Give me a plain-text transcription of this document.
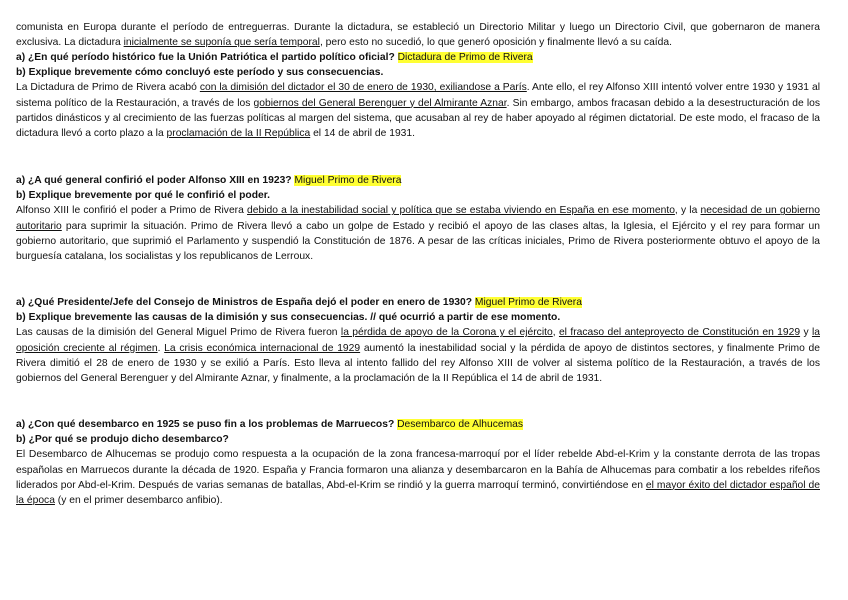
comunista en Europa durante el período de entreguerras. Durante la dictadura, se estableció un Directorio Militar y luego un Directorio Civil, que gobernaron de manera exclusiva. La dictadura inicialmente se suponía que sería temporal, pero esto no sucedió, lo que generó oposición y finalmente llevó a su caída.

a) ¿En qué período histórico fue la Unión Patriótica el partido político oficial? Dictadura de Primo de Rivera

b) Explique brevemente cómo concluyó este período y sus consecuencias.

La Dictadura de Primo de Rivera acabó con la dimisión del dictador el 30 de enero de 1930, exiliandose a París. Ante ello, el rey Alfonso XIII intentó volver entre 1930 y 1931 al sistema político de la Restauración, a través de los gobiernos del General Berenguer y del Almirante Aznar. Sin embargo, ambos fracasan debido a la desestructuración de los partidos dinásticos y al crecimiento de las fuerzas políticas al margen del sistema, que acusaban al rey de haber apoyado al régimen dictatorial. De este modo, el fracaso de la dictadura llevó a corto plazo a la proclamación de la II República el 14 de abril de 1931.

a) ¿A qué general confirió el poder Alfonso XIII en 1923? Miguel Primo de Rivera

b) Explique brevemente por qué le confirió el poder.

Alfonso XIII le confirió el poder a Primo de Rivera debido a la inestabilidad social y política que se estaba viviendo en España en ese momento, y la necesidad de un gobierno autoritario para suprimir la situación. Primo de Rivera llevó a cabo un golpe de Estado y recibió el apoyo de las clases altas, la Iglesia, el Ejército y el rey para formar un gobierno autoritario, que suprimió el Parlamento y suspendió la Constitución de 1876. A pesar de las críticas iniciales, Primo de Rivera posteriormente obtuvo el apoyo de la burguesía catalana, los socialistas y los republicanos de Lerroux.

a) ¿Qué Presidente/Jefe del Consejo de Ministros de España dejó el poder en enero de 1930? Miguel Primo de Rivera

b) Explique brevemente las causas de la dimisión y sus consecuencias. // qué ocurrió a partir de ese momento.

Las causas de la dimisión del General Miguel Primo de Rivera fueron la pérdida de apoyo de la Corona y el ejército, el fracaso del anteproyecto de Constitución en 1929 y la oposición creciente al régimen. La crisis económica internacional de 1929 aumentó la inestabilidad social y la pérdida de apoyo de distintos sectores, y finalmente Primo de Rivera dimitió el 28 de enero de 1930 y se exilió a París. Esto lleva al intento fallido del rey Alfonso XIII de volver al sistema político de la Restauración, a través de los gobiernos del General Berenguer y del Almirante Aznar, y finalmente, a la proclamación de la II República el 14 de abril de 1931.

a) ¿Con qué desembarco en 1925 se puso fin a los problemas de Marruecos? Desembarco de Alhucemas

b) ¿Por qué se produjo dicho desembarco?

El Desembarco de Alhucemas se produjo como respuesta a la ocupación de la zona francesa-marroquí por el líder rebelde Abd-el-Krim y la constante derrota de las tropas españolas en Marruecos durante la década de 1920. España y Francia formaron una alianza y desembarcaron en la Bahía de Alhucemas para combatir a los rebeldes rifeños liderados por Abd-el-Krim. Después de varias semanas de batallas, Abd-el-Krim se rindió y la guerra marroquí terminó, convirtiéndose en el mayor éxito del dictador español de la época (y en el primer desembarco anfibio).
